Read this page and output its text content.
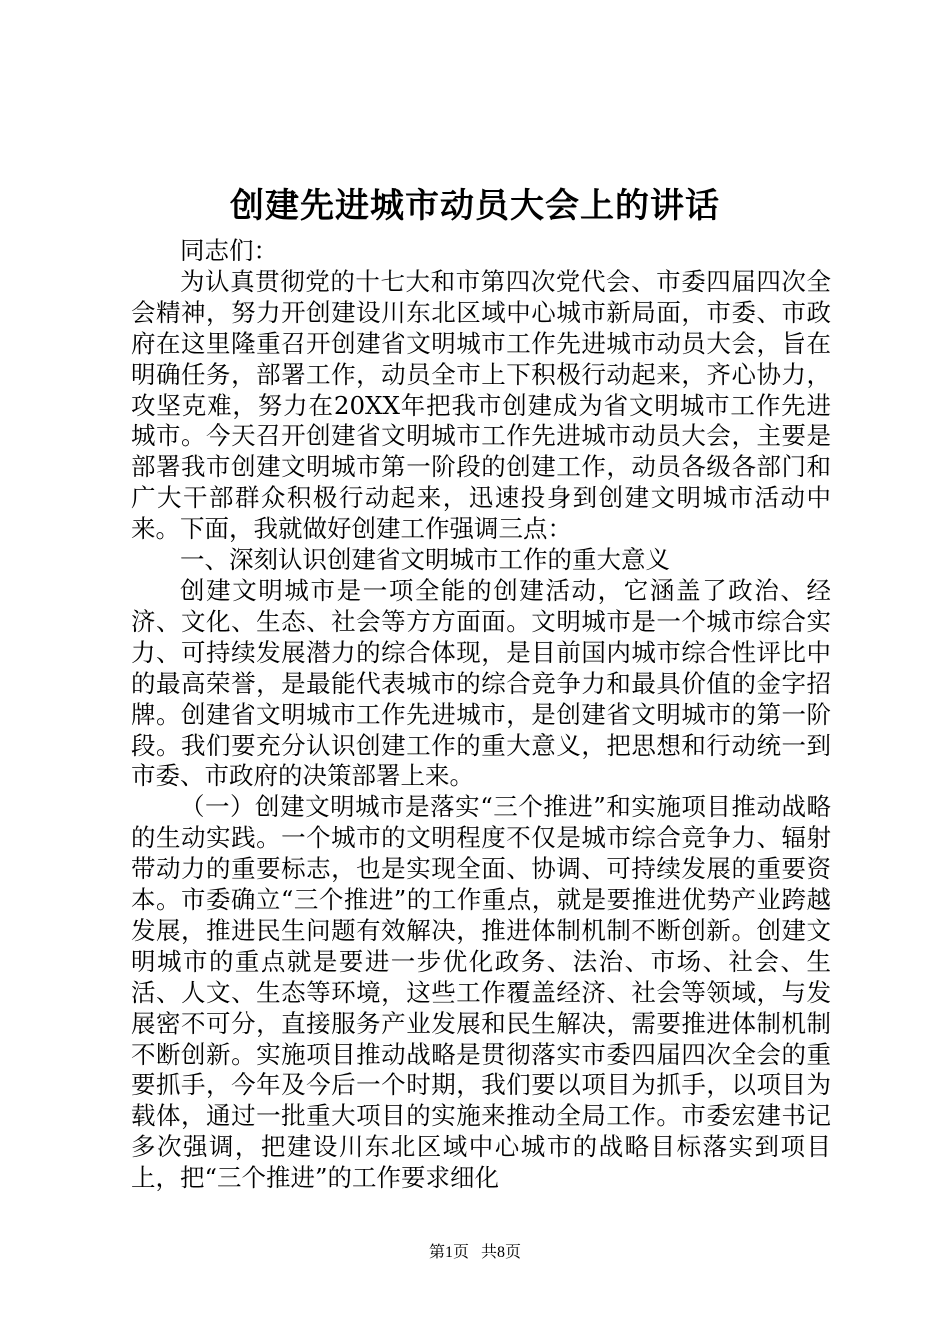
创建先进城市动员大会上的讲话

同志们：

为认真贯彻党的十七大和市第四次党代会、市委四届四次全会精神，努力开创建设川东北区域中心城市新局面，市委、市政府在这里隆重召开创建省文明城市工作先进城市动员大会，旨在明确任务，部署工作，动员全市上下积极行动起来，齐心协力，攻坚克难，努力在20XX年把我市创建成为省文明城市工作先进城市。今天召开创建省文明城市工作先进城市动员大会，主要是部署我市创建文明城市第一阶段的创建工作，动员各级各部门和广大干部群众积极行动起来，迅速投身到创建文明城市活动中来。下面，我就做好创建工作强调三点：

一、深刻认识创建省文明城市工作的重大意义

创建文明城市是一项全能的创建活动，它涵盖了政治、经济、文化、生态、社会等方方面面。文明城市是一个城市综合实力、可持续发展潜力的综合体现，是目前国内城市综合性评比中的最高荣誉，是最能代表城市的综合竞争力和最具价值的金字招牌。创建省文明城市工作先进城市，是创建省文明城市的第一阶段。我们要充分认识创建工作的重大意义，把思想和行动统一到市委、市政府的决策部署上来。

（一）创建文明城市是落实“三个推进”和实施项目推动战略的生动实践。一个城市的文明程度不仅是城市综合竞争力、辐射带动力的重要标志，也是实现全面、协调、可持续发展的重要资本。市委确立“三个推进”的工作重点，就是要推进优势产业跨越发展，推进民生问题有效解决，推进体制机制不断创新。创建文明城市的重点就是要进一步优化政务、法治、市场、社会、生活、人文、生态等环境，这些工作覆盖经济、社会等领域，与发展密不可分，直接服务产业发展和民生解决，需要推进体制机制不断创新。实施项目推动战略是贯彻落实市委四届四次全会的重要抓手，今年及今后一个时期，我们要以项目为抓手，以项目为载体，通过一批重大项目的实施来推动全局工作。市委宏建书记多次强调，把建设川东北区域中心城市的战略目标落实到项目上，把“三个推进”的工作要求细化

第1页 共8页
